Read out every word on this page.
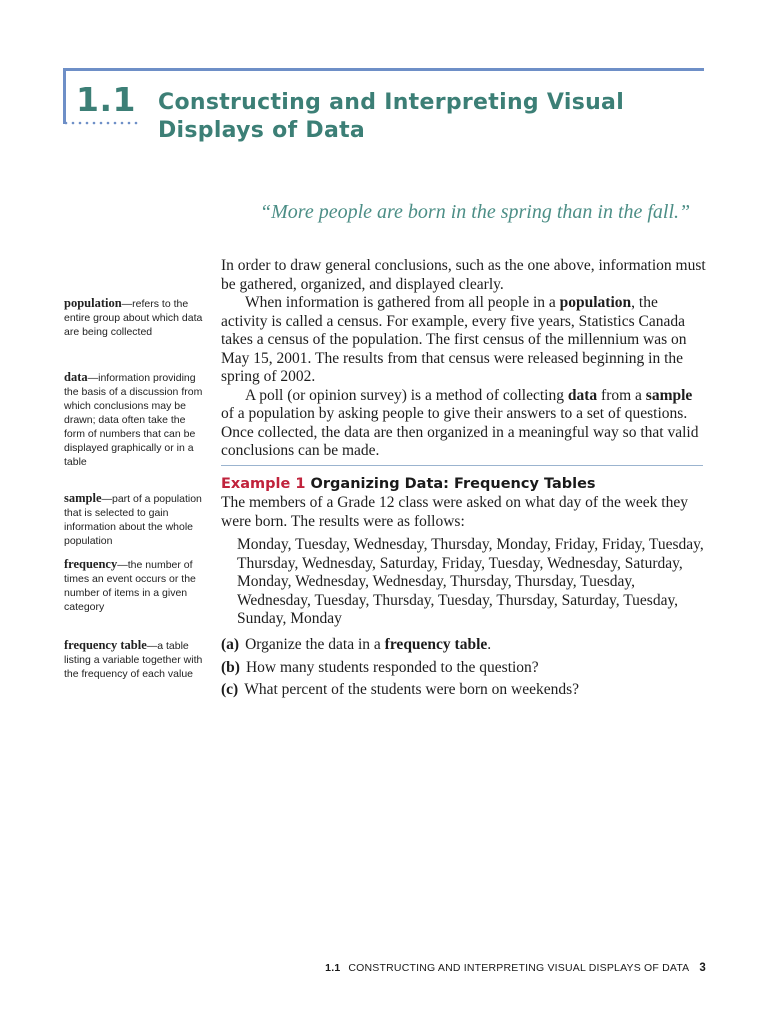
1.1 Constructing and Interpreting Visual Displays of Data
“More people are born in the spring than in the fall.”

In order to draw general conclusions, such as the one above, information must be gathered, organized, and displayed clearly.

When information is gathered from all people in a population, the activity is called a census. For example, every five years, Statistics Canada takes a census of the population. The first census of the millennium was on May 15, 2001. The results from that census were released beginning in the spring of 2002.

A poll (or opinion survey) is a method of collecting data from a sample of a population by asking people to give their answers to a set of questions. Once collected, the data are then organized in a meaningful way so that valid conclusions can be made.

Example 1 Organizing Data: Frequency Tables
The members of a Grade 12 class were asked on what day of the week they were born. The results were as follows:
Monday, Tuesday, Wednesday, Thursday, Monday, Friday, Friday, Tuesday, Thursday, Wednesday, Saturday, Friday, Tuesday, Wednesday, Saturday, Monday, Wednesday, Wednesday, Thursday, Thursday, Tuesday, Wednesday, Tuesday, Thursday, Tuesday, Thursday, Saturday, Tuesday, Sunday, Monday
(a) Organize the data in a frequency table.
(b) How many students responded to the question?
(c) What percent of the students were born on weekends?
population—refers to the entire group about which data are being collected
data—information providing the basis of a discussion from which conclusions may be drawn; data often take the form of numbers that can be displayed graphically or in a table
sample—part of a population that is selected to gain information about the whole population
frequency—the number of times an event occurs or the number of items in a given category
frequency table—a table listing a variable together with the frequency of each value
1.1 CONSTRUCTING AND INTERPRETING VISUAL DISPLAYS OF DATA 3
